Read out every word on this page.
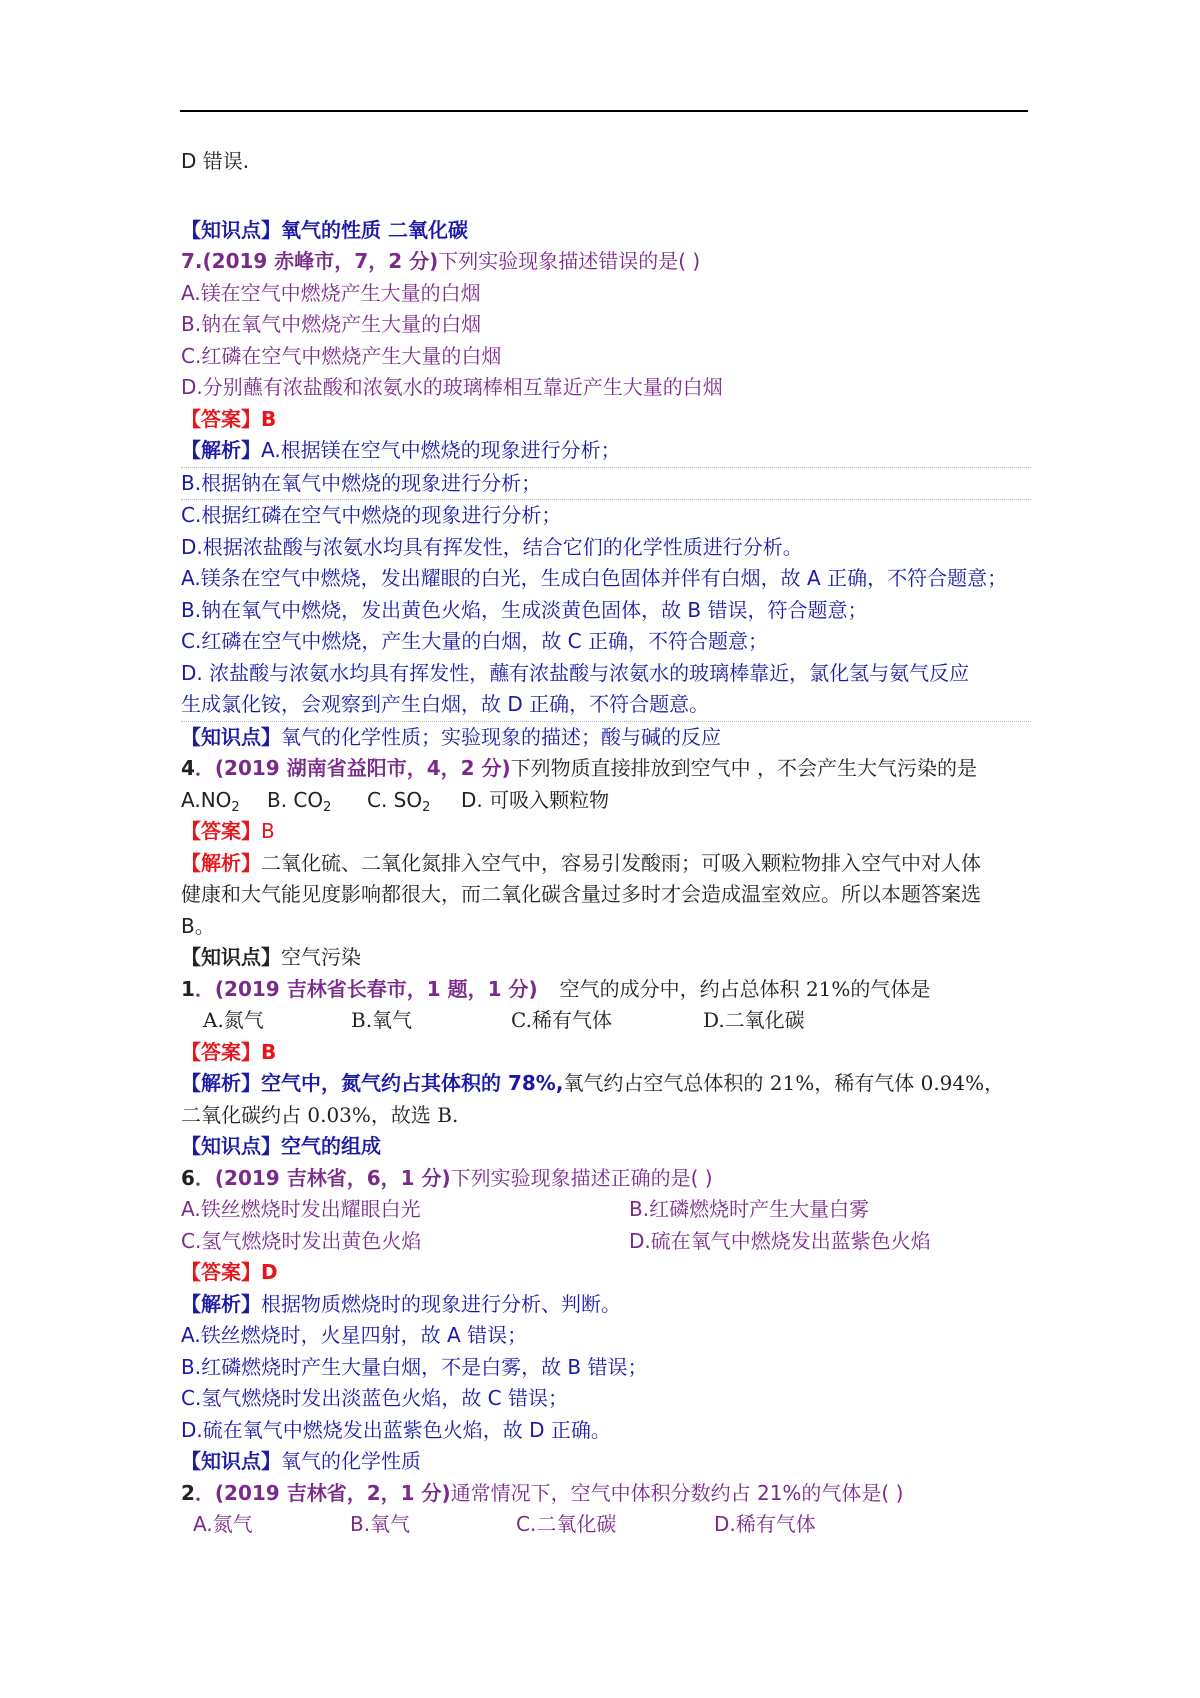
D 错误.
【知识点】氧气的性质 二氧化碳
7.(2019 赤峰市，7，2 分)下列实验现象描述错误的是( )
A.镁在空气中燃烧产生大量的白烟
B.钠在氧气中燃烧产生大量的白烟
C.红磷在空气中燃烧产生大量的白烟
D.分别蘸有浓盐酸和浓氨水的玻璃棒相互靠近产生大量的白烟
【答案】B
【解析】A.根据镁在空气中燃烧的现象进行分析；
B.根据钠在氧气中燃烧的现象进行分析；
C.根据红磷在空气中燃烧的现象进行分析；
D.根据浓盐酸与浓氨水均具有挥发性，结合它们的化学性质进行分析。
A.镁条在空气中燃烧，发出耀眼的白光，生成白色固体并伴有白烟，故 A 正确，不符合题意；
B.钠在氧气中燃烧，发出黄色火焰，生成淡黄色固体，故 B 错误，符合题意；
C.红磷在空气中燃烧，产生大量的白烟，故 C 正确，不符合题意；
D. 浓盐酸与浓氨水均具有挥发性，蘸有浓盐酸与浓氨水的玻璃棒靠近，氯化氢与氨气反应
生成氯化铵，会观察到产生白烟，故 D 正确，不符合题意。
【知识点】氧气的化学性质；实验现象的描述；酸与碱的反应
4．(2019 湖南省益阳市，4，2 分)下列物质直接排放到空气中 ，不会产生大气污染的是
$A.NO_2$	B. $CO_2$	C. $SO_2$	D. 可吸入颗粒物
【答案】B
【解析】二氧化硫、二氧化氮排入空气中，容易引发酸雨；可吸入颗粒物排入空气中对人体
健康和大气能见度影响都很大，而二氧化碳含量过多时才会造成温室效应。所以本题答案选
B。
【知识点】空气污染
1．(2019 吉林省长春市，1 题，1 分) 空气的成分中，约占总体积 21%的气体是
A.氮气	B.氧气	C.稀有气体	D.二氧化碳
【答案】B
【解析】空气中，氮气约占其体积的 78%,氧气约占空气总体积的 21%，稀有气体 0.94%，
二氧化碳约占 0.03%，故选 B.
【知识点】空气的组成
6．(2019 吉林省，6，1 分)下列实验现象描述正确的是( )
A.铁丝燃烧时发出耀眼白光	B.红磷燃烧时产生大量白雾
C.氢气燃烧时发出黄色火焰	D.硫在氧气中燃烧发出蓝紫色火焰
【答案】D
【解析】根据物质燃烧时的现象进行分析、判断。
A.铁丝燃烧时，火星四射，故 A 错误；
B.红磷燃烧时产生大量白烟，不是白雾，故 B 错误；
C.氢气燃烧时发出淡蓝色火焰，故 C 错误；
D.硫在氧气中燃烧发出蓝紫色火焰，故 D 正确。
【知识点】氧气的化学性质
2．(2019 吉林省，2，1 分)通常情况下，空气中体积分数约占 21%的气体是( )
A.氮气	B.氧气	C.二氧化碳	D.稀有气体
